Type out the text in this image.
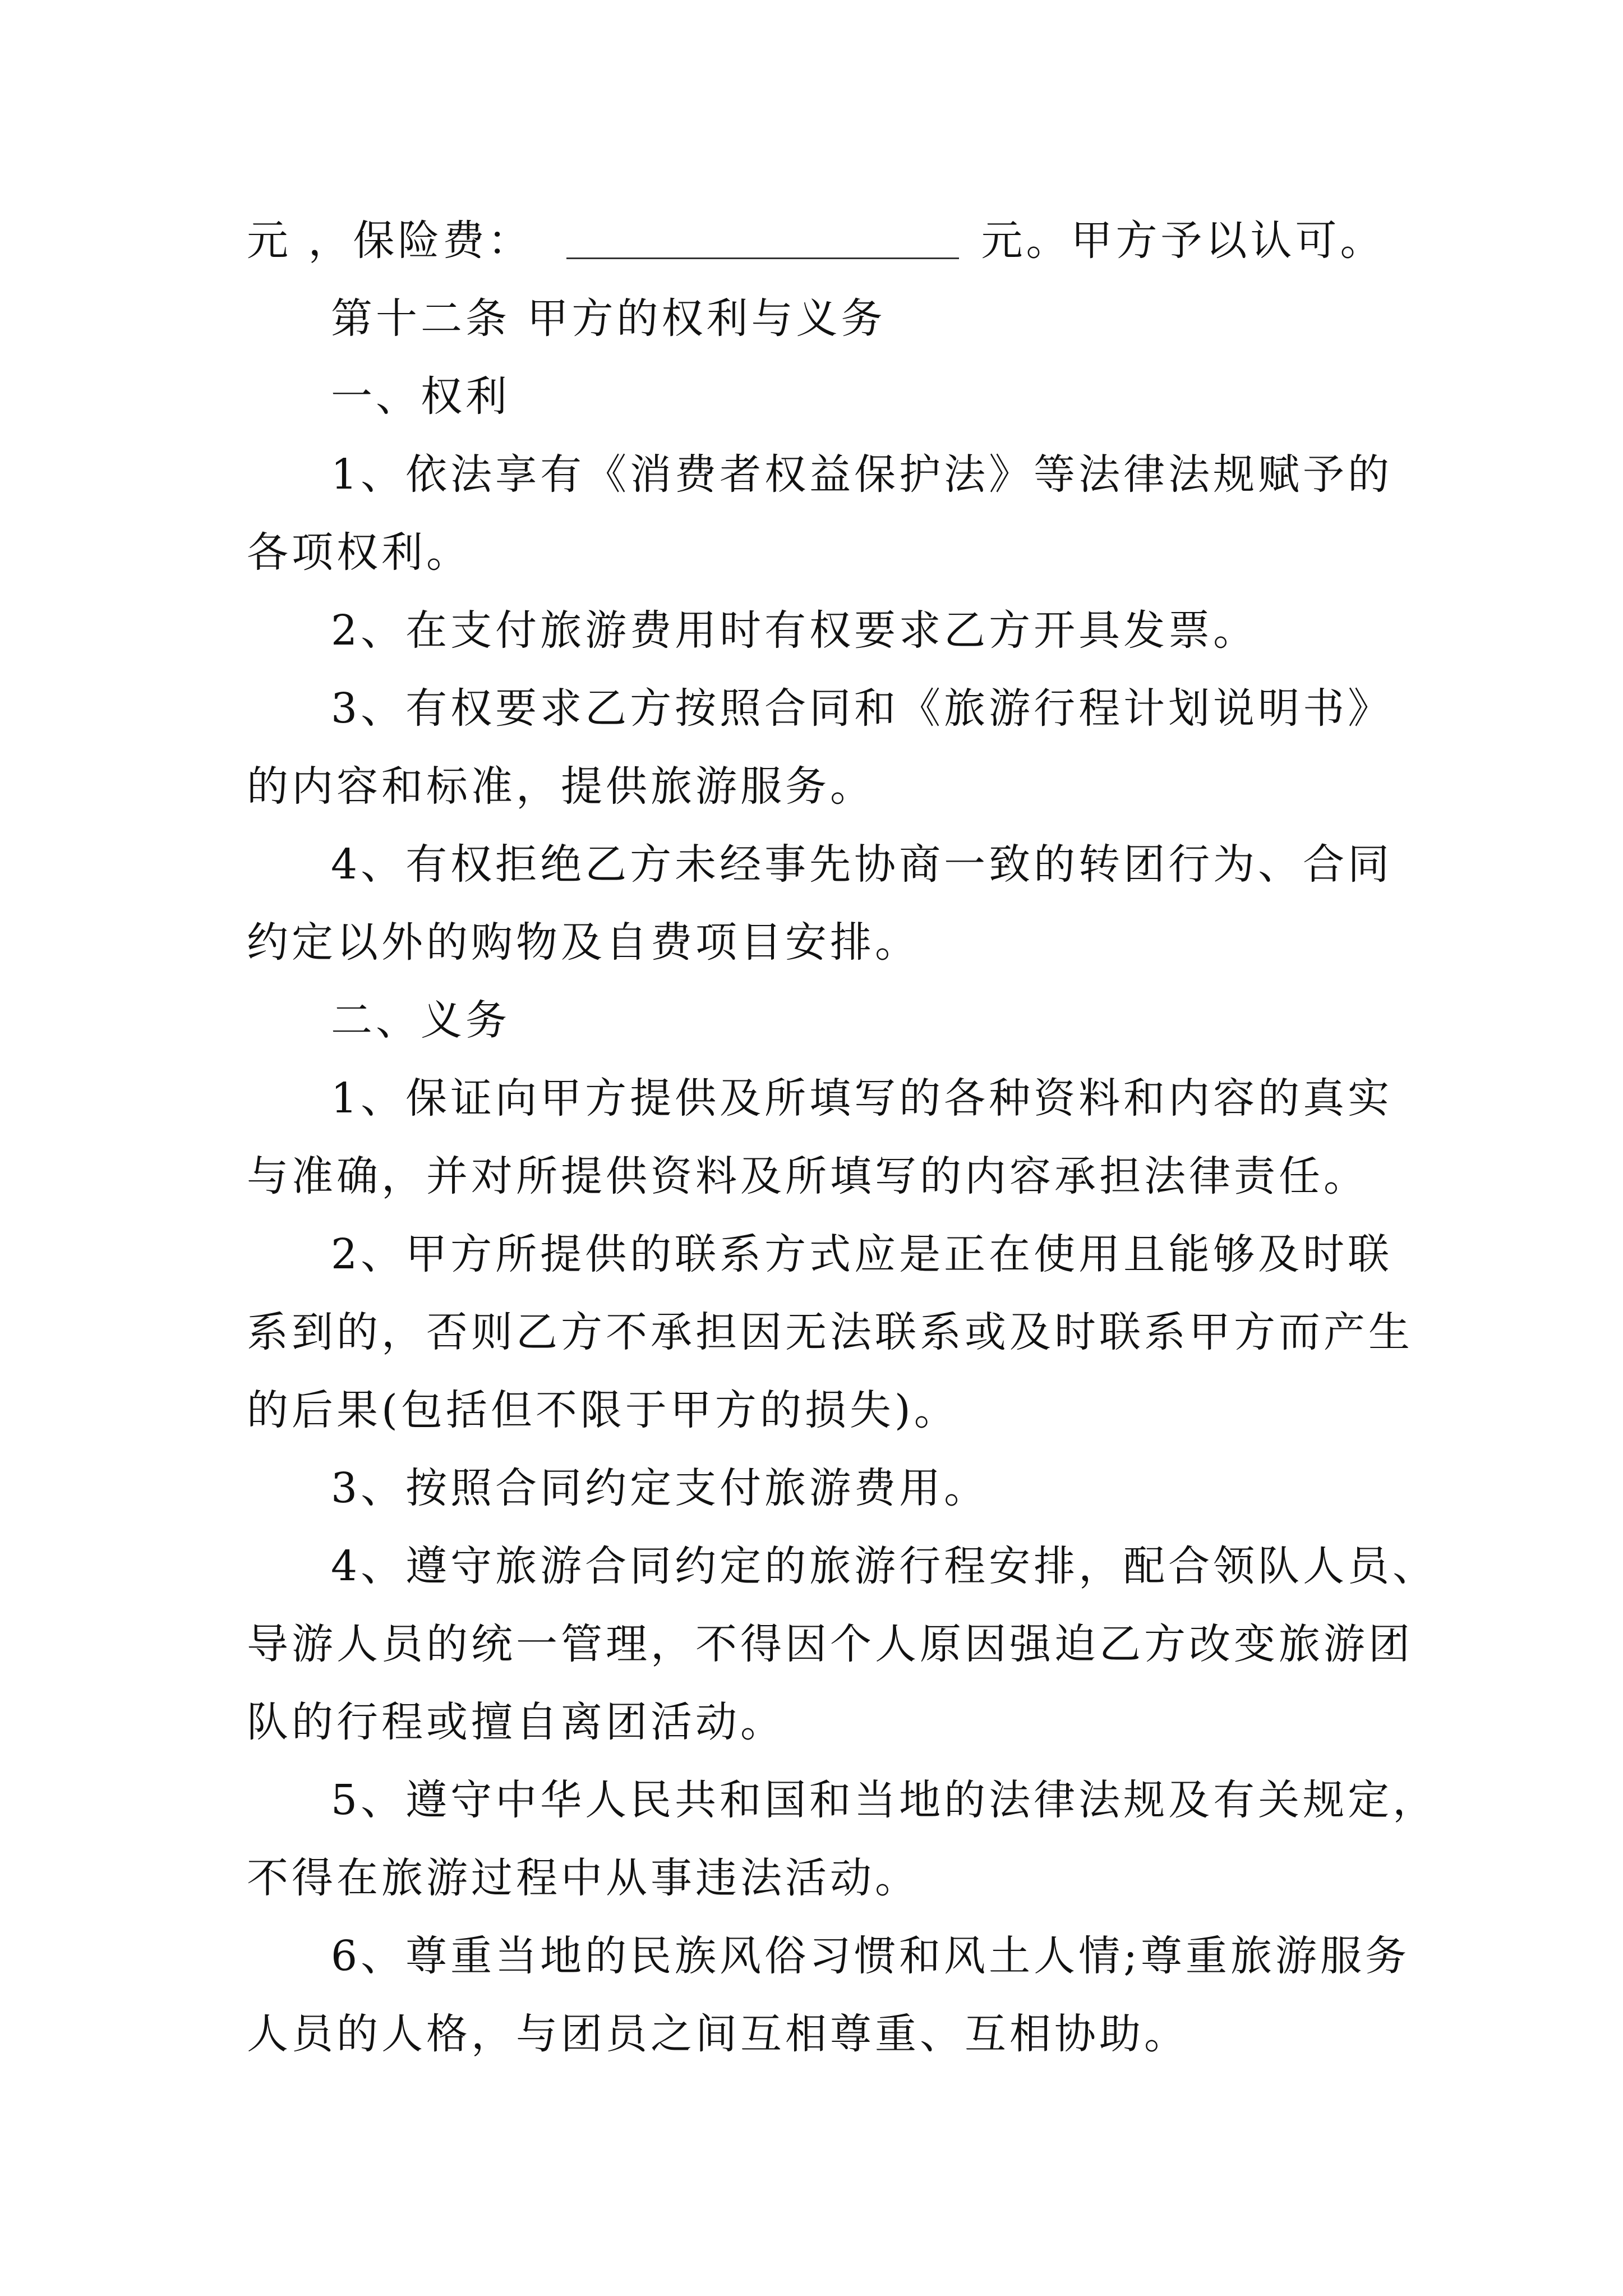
元 ，保险费：	元。甲方予以认可。
第十二条 甲方的权利与义务
一、权利
1、依法享有《消费者权益保护法》等法律法规赋予的
各项权利。
2、在支付旅游费用时有权要求乙方开具发票。
3、有权要求乙方按照合同和《旅游行程计划说明书》
的内容和标准，提供旅游服务。
4、有权拒绝乙方未经事先协商一致的转团行为、合同
约定以外的购物及自费项目安排。
二、义务
1、保证向甲方提供及所填写的各种资料和内容的真实
与准确，并对所提供资料及所填写的内容承担法律责任。
2、甲方所提供的联系方式应是正在使用且能够及时联
系到的，否则乙方不承担因无法联系或及时联系甲方而产生
的后果(包括但不限于甲方的损失)。
3、按照合同约定支付旅游费用。
4、遵守旅游合同约定的旅游行程安排，配合领队人员、
导游人员的统一管理，不得因个人原因强迫乙方改变旅游团
队的行程或擅自离团活动。
5、遵守中华人民共和国和当地的法律法规及有关规定，
不得在旅游过程中从事违法活动。
6、尊重当地的民族风俗习惯和风土人情;尊重旅游服务
人员的人格，与团员之间互相尊重、互相协助。
